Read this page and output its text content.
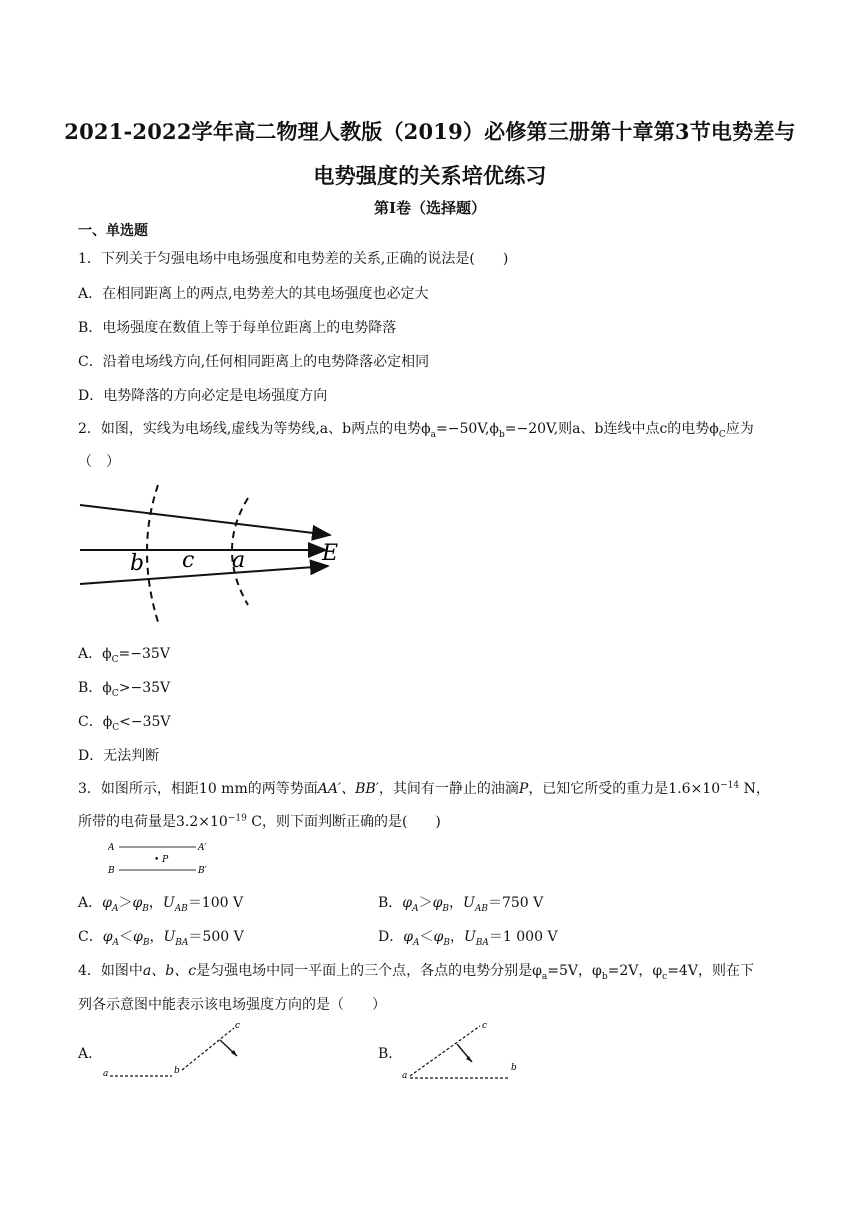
2021-2022学年高二物理人教版（2019）必修第三册第十章第3节电势差与
电势强度的关系培优练习
第Ⅰ卷（选择题）
一、单选题
1．下列关于匀强电场中电场强度和电势差的关系,正确的说法是(　　)
A．在相同距离上的两点,电势差大的其电场强度也必定大
B．电场强度在数值上等于每单位距离上的电势降落
C．沿着电场线方向,任何相同距离上的电势降落必定相同
D．电势降落的方向必定是电场强度方向
2．如图，实线为电场线,虚线为等势线,a、b两点的电势$\phi_a=-50V,\phi_b=-20V$,则a、b连线中点c的电势$\phi_C$应为
（　）
b c a	E
A．$\phi_C=-35V$
B．$\phi_C>-35V$
C．$\phi_C<-35V$
D．无法判断
3．如图所示，相距10 mm的两等势面AA′、BB′，其间有一静止的油滴P，已知它所受的重力是$1.6\times 10^{-14}$ N，
所带的电荷量是$3.2\times 10^{-19}$ C，则下面判断正确的是(　　)
A	A′
• P
B	B′
A．$\varphi_A>\varphi_B$，$U_{AB}=100$ V	B．$\varphi_A>\varphi_B$，$U_{AB}=750$ V
C．$\varphi_A<\varphi_B$，$U_{BA}=500$ V	D．$\varphi_A<\varphi_B$，$U_{BA}=1$ 000 V
4．如图中a、b、c是匀强电场中同一平面上的三个点，各点的电势分别是$\varphi_a=5V$，$\varphi_b=2V$，$\varphi_c=4V$，则在下
列各示意图中能表示该电场强度方向的是（　　）
A．
a	b
c
B．
a
b
c
